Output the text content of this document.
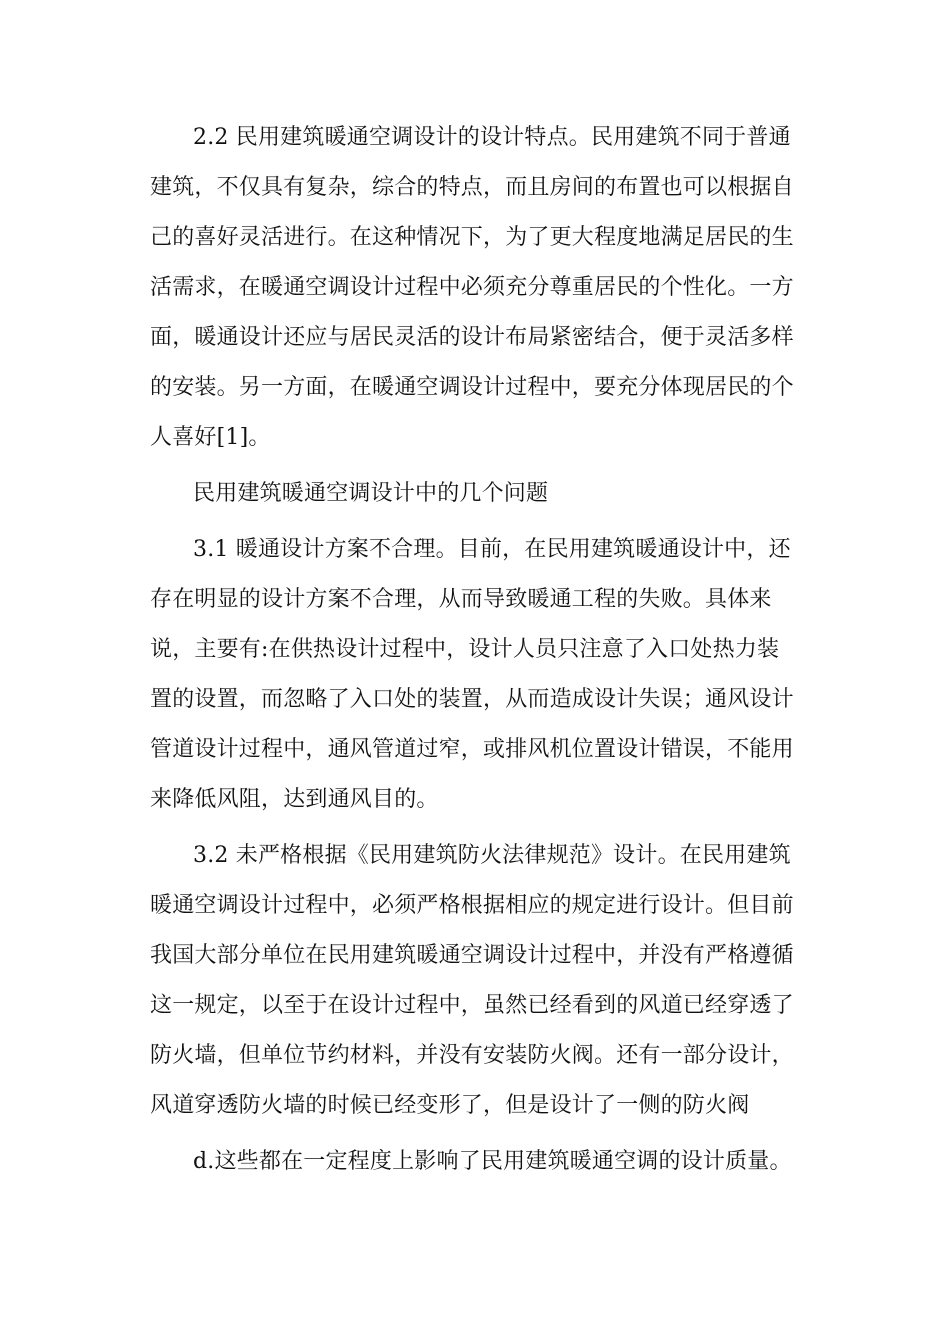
2.2 民用建筑暖通空调设计的设计特点。民用建筑不同于普通
建筑，不仅具有复杂，综合的特点，而且房间的布置也可以根据自
己的喜好灵活进行。在这种情况下，为了更大程度地满足居民的生
活需求，在暖通空调设计过程中必须充分尊重居民的个性化。一方
面，暖通设计还应与居民灵活的设计布局紧密结合，便于灵活多样
的安装。另一方面，在暖通空调设计过程中，要充分体现居民的个
人喜好[1]。
民用建筑暖通空调设计中的几个问题
3.1 暖通设计方案不合理。目前，在民用建筑暖通设计中，还
存在明显的设计方案不合理，从而导致暖通工程的失败。具体来
说，主要有:在供热设计过程中，设计人员只注意了入口处热力装
置的设置，而忽略了入口处的装置，从而造成设计失误；通风设计
管道设计过程中，通风管道过窄，或排风机位置设计错误，不能用
来降低风阻，达到通风目的。
3.2 未严格根据《民用建筑防火法律规范》设计。在民用建筑
暖通空调设计过程中，必须严格根据相应的规定进行设计。但目前
我国大部分单位在民用建筑暖通空调设计过程中，并没有严格遵循
这一规定，以至于在设计过程中，虽然已经看到的风道已经穿透了
防火墙，但单位节约材料，并没有安装防火阀。还有一部分设计，
风道穿透防火墙的时候已经变形了，但是设计了一侧的防火阀
d.这些都在一定程度上影响了民用建筑暖通空调的设计质量。
